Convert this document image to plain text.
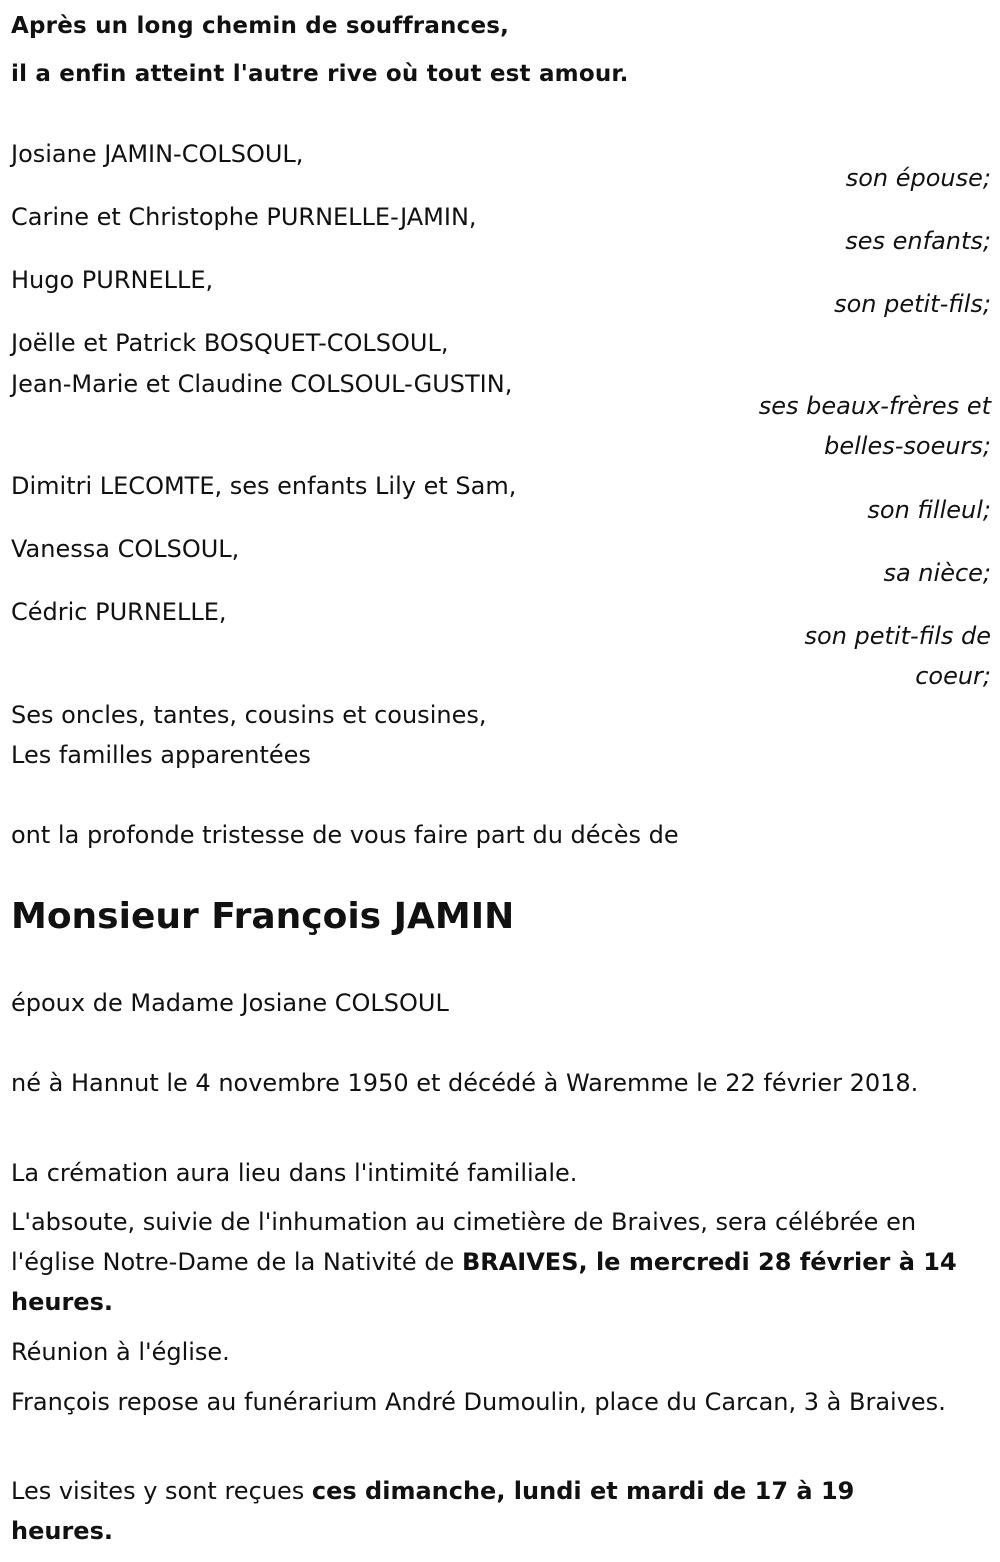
Après un long chemin de souffrances,
il a enfin atteint l'autre rive où tout est amour.
Josiane JAMIN-COLSOUL,
son épouse;
Carine et Christophe PURNELLE-JAMIN,
ses enfants;
Hugo PURNELLE,
son petit-fils;
Joëlle et Patrick BOSQUET-COLSOUL,
Jean-Marie et Claudine COLSOUL-GUSTIN,
ses beaux-frères et
belles-soeurs;
Dimitri LECOMTE, ses enfants Lily et Sam,
son filleul;
Vanessa COLSOUL,
sa nièce;
Cédric PURNELLE,
son petit-fils de
coeur;
Ses oncles, tantes, cousins et cousines,
Les familles apparentées
ont la profonde tristesse de vous faire part du décès de
Monsieur François JAMIN
époux de Madame Josiane COLSOUL
né à Hannut le 4 novembre 1950 et décédé à Waremme le 22 février 2018.
La crémation aura lieu dans l'intimité familiale.
L'absoute, suivie de l'inhumation au cimetière de Braives, sera célébrée en l'église Notre-Dame de la Nativité de BRAIVES, le mercredi 28 février à 14 heures.
Réunion à l'église.
François repose au funérarium André Dumoulin, place du Carcan, 3 à Braives.
Les visites y sont reçues ces dimanche, lundi et mardi de 17 à 19 heures.
